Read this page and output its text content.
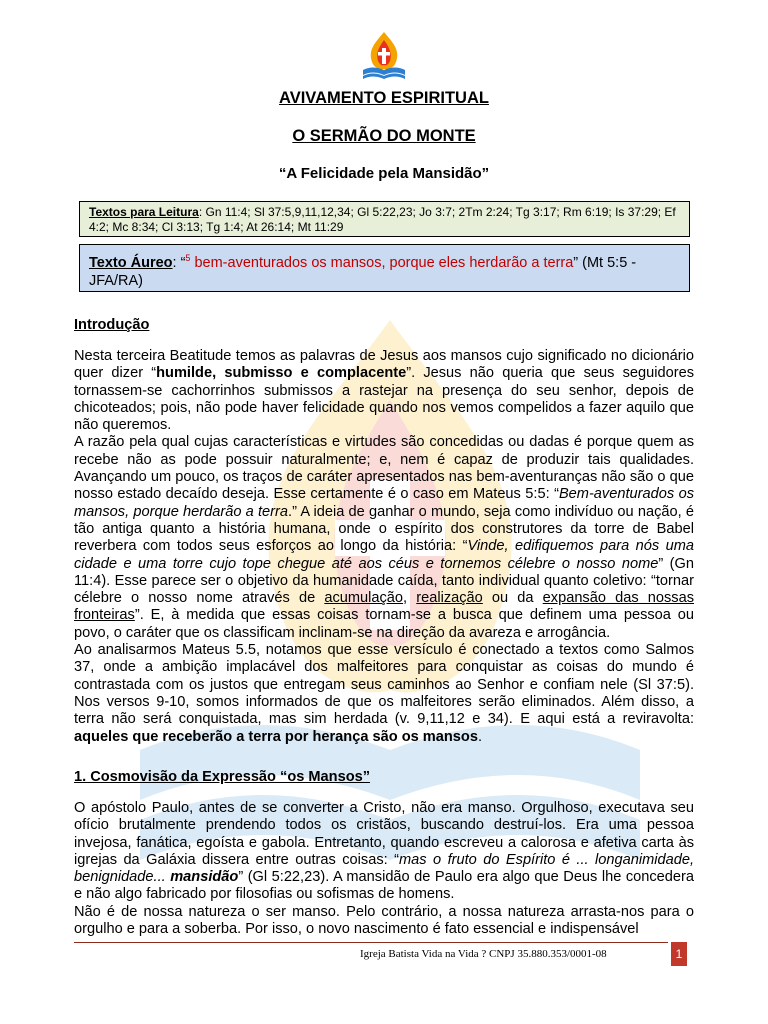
AVIVAMENTO ESPIRITUAL
O SERMÃO DO MONTE
“A Felicidade pela Mansidão”
Textos para Leitura: Gn 11:4; Sl 37:5,9,11,12,34; Gl 5:22,23; Jo 3:7; 2Tm 2:24; Tg 3:17; Rm 6:19; Is 37:29; Ef 4:2; Mc 8:34; Cl 3:13; Tg 1:4; At 26:14; Mt 11:29
Texto Áureo: “$^5$ bem-aventurados os mansos, porque eles herdarão a terra” (Mt 5:5 - JFA/RA)
Introdução

Nesta terceira Beatitude temos as palavras de Jesus aos mansos cujo significado no dicionário quer dizer “humilde, submisso e complacente”. Jesus não queria que seus seguidores tornassem-se cachorrinhos submissos a rastejar na presença do seu senhor, depois de chicoteados; pois, não pode haver felicidade quando nos vemos compelidos a fazer aquilo que não queremos.

A razão pela qual cujas características e virtudes são concedidas ou dadas é porque quem as recebe não as pode possuir naturalmente; e, nem é capaz de produzir tais qualidades. Avançando um pouco, os traços de caráter apresentados nas bem-aventuranças não são o que nosso estado decaído deseja. Esse certamente é o caso em Mateus 5:5: “Bem-aventurados os mansos, porque herdarão a terra.” A ideia de ganhar o mundo, seja como indivíduo ou nação, é tão antiga quanto a história humana, onde o espírito dos construtores da torre de Babel reverbera com todos seus esforços ao longo da história: “Vinde, edifiquemos para nós uma cidade e uma torre cujo tope chegue até aos céus e tornemos célebre o nosso nome” (Gn 11:4). Esse parece ser o objetivo da humanidade caída, tanto individual quanto coletivo: “tornar célebre o nosso nome através de acumulação, realização ou da expansão das nossas fronteiras”. E, à medida que essas coisas tornam-se a busca que definem uma pessoa ou povo, o caráter que os classificam inclinam-se na direção da avareza e arrogância.

Ao analisarmos Mateus 5.5, notamos que esse versículo é conectado a textos como Salmos 37, onde a ambição implacável dos malfeitores para conquistar as coisas do mundo é contrastada com os justos que entregam seus caminhos ao Senhor e confiam nele (Sl 37:5). Nos versos 9-10, somos informados de que os malfeitores serão eliminados. Além disso, a terra não será conquistada, mas sim herdada (v. 9,11,12 e 34). E aqui está a reviravolta: aqueles que receberão a terra por herança são os mansos.

1. Cosmovisão da Expressão “os Mansos”

O apóstolo Paulo, antes de se converter a Cristo, não era manso. Orgulhoso, executava seu ofício brutalmente prendendo todos os cristãos, buscando destruí-los. Era uma pessoa invejosa, fanática, egoísta e gabola. Entretanto, quando escreveu a calorosa e afetiva carta às igrejas da Galáxia dissera entre outras coisas: “mas o fruto do Espírito é ... longanimidade, benignidade... mansidão” (Gl 5:22,23). A mansidão de Paulo era algo que Deus lhe concedera e não algo fabricado por filosofias ou sofismas de homens.

Não é de nossa natureza o ser manso. Pelo contrário, a nossa natureza arrasta-nos para o orgulho e para a soberba. Por isso, o novo nascimento é fato essencial e indispensável

Igreja Batista Vida na Vida ? CNPJ 35.880.353/0001-08	1
